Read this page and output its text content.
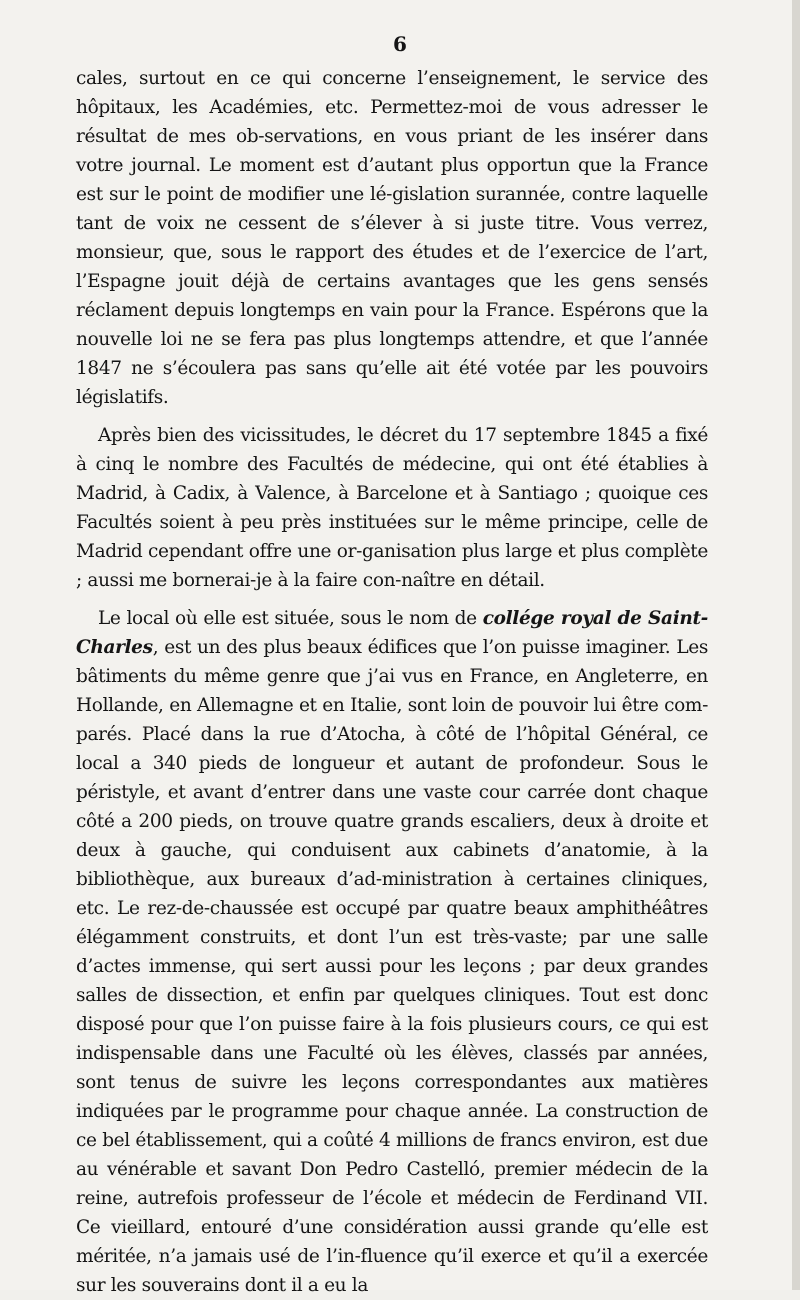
6

cales, surtout en ce qui concerne l’enseignement, le service des hôpitaux, les Académies, etc. Permettez-moi de vous adresser le résultat de mes ob-servations, en vous priant de les insérer dans votre journal. Le moment est d’autant plus opportun que la France est sur le point de modifier une lé-gislation surannée, contre laquelle tant de voix ne cessent de s’élever à si juste titre. Vous verrez, monsieur, que, sous le rapport des études et de l’exercice de l’art, l’Espagne jouit déjà de certains avantages que les gens sensés réclament depuis longtemps en vain pour la France. Espérons que la nouvelle loi ne se fera pas plus longtemps attendre, et que l’année 1847 ne s’écoulera pas sans qu’elle ait été votée par les pouvoirs législatifs.

Après bien des vicissitudes, le décret du 17 septembre 1845 a fixé à cinq le nombre des Facultés de médecine, qui ont été établies à Madrid, à Cadix, à Valence, à Barcelone et à Santiago ; quoique ces Facultés soient à peu près instituées sur le même principe, celle de Madrid cependant offre une or-ganisation plus large et plus complète ; aussi me bornerai-je à la faire con-naître en détail.

Le local où elle est située, sous le nom de collége royal de Saint-Charles, est un des plus beaux édifices que l’on puisse imaginer. Les bâtiments du même genre que j’ai vus en France, en Angleterre, en Hollande, en Allemagne et en Italie, sont loin de pouvoir lui être com-parés. Placé dans la rue d’Atocha, à côté de l’hôpital Général, ce local a 340 pieds de longueur et autant de profondeur. Sous le péristyle, et avant d’entrer dans une vaste cour carrée dont chaque côté a 200 pieds, on trouve quatre grands escaliers, deux à droite et deux à gauche, qui conduisent aux cabinets d’anatomie, à la bibliothèque, aux bureaux d’ad-ministration à certaines cliniques, etc. Le rez-de-chaussée est occupé par quatre beaux amphithéâtres élégamment construits, et dont l’un est très-vaste; par une salle d’actes immense, qui sert aussi pour les leçons ; par deux grandes salles de dissection, et enfin par quelques cliniques. Tout est donc disposé pour que l’on puisse faire à la fois plusieurs cours, ce qui est indispensable dans une Faculté où les élèves, classés par années, sont tenus de suivre les leçons correspondantes aux matières indiquées par le programme pour chaque année. La construction de ce bel établissement, qui a coûté 4 millions de francs environ, est due au vénérable et savant Don Pedro Castelló, premier médecin de la reine, autrefois professeur de l’école et médecin de Ferdinand VII. Ce vieillard, entouré d’une considération aussi grande qu’elle est méritée, n’a jamais usé de l’in-fluence qu’il exerce et qu’il a exercée sur les souverains dont il a eu la
